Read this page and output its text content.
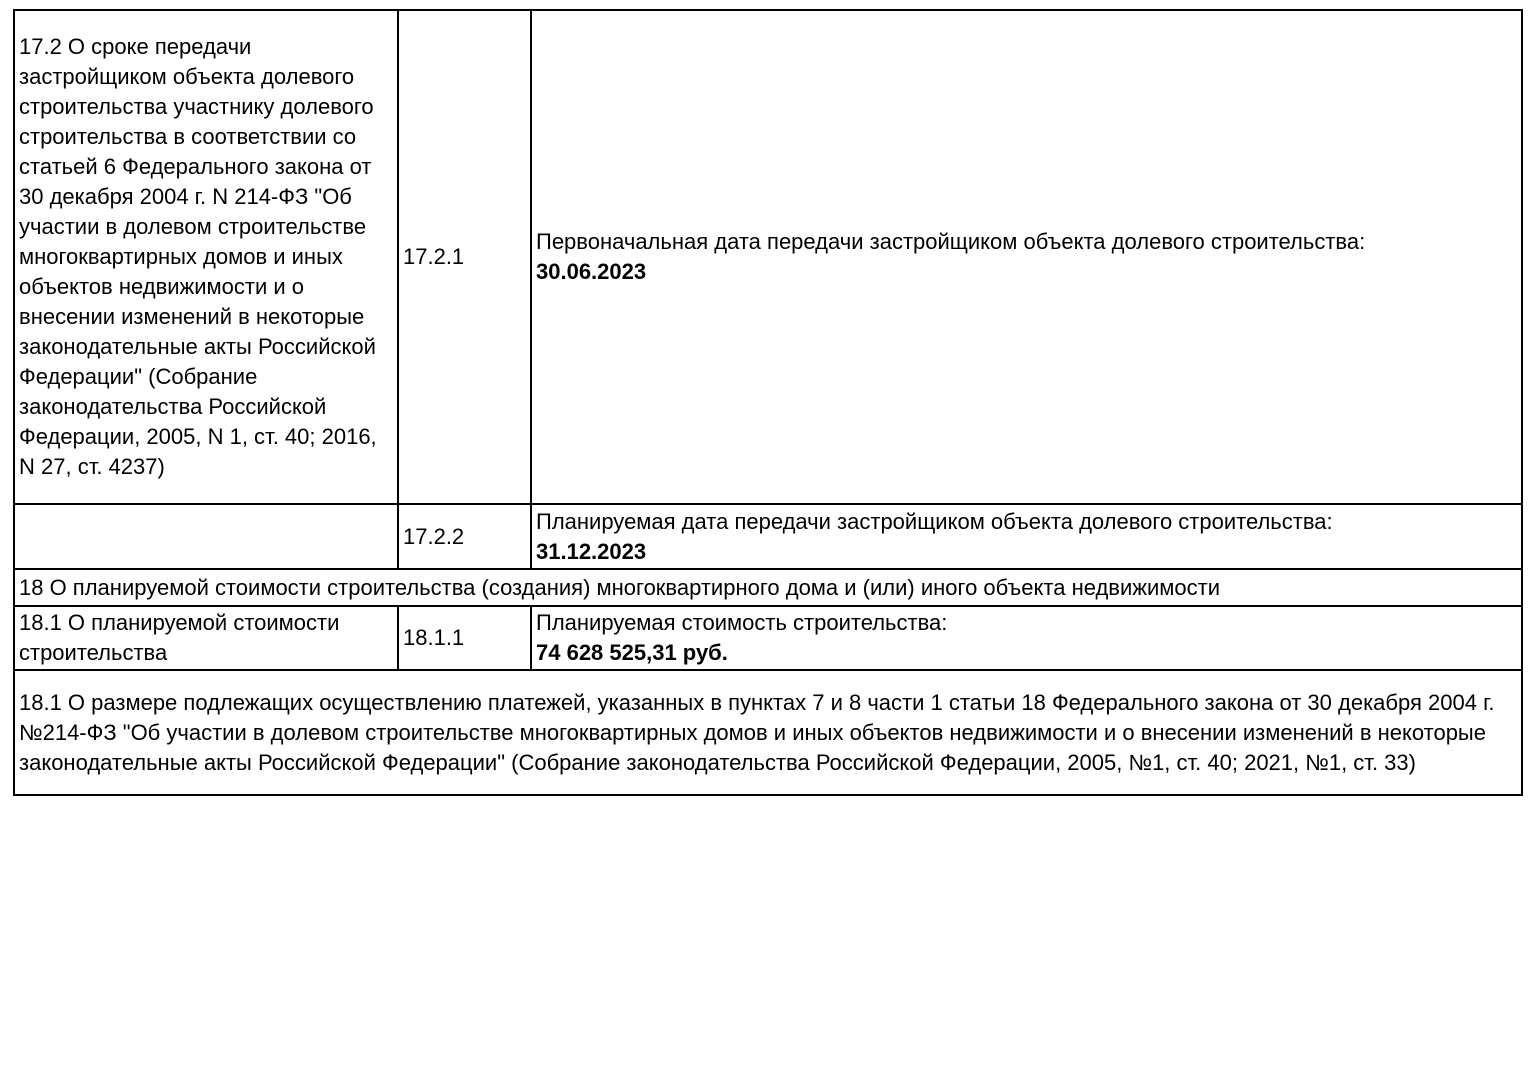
17.2 О сроке передачи застройщиком объекта долевого строительства участнику долевого строительства в соответствии со статьей 6 Федерального закона от 30 декабря 2004 г. N 214-ФЗ "Об участии в долевом строительстве многоквартирных домов и иных объектов недвижимости и о внесении изменений в некоторые законодательные акты Российской Федерации" (Собрание законодательства Российской Федерации, 2005, N 1, ст. 40; 2016, N 27, ст. 4237)	17.2.1	Первоначальная дата передачи застройщиком объекта долевого строительства:
30.06.2023

	17.2.2	Планируемая дата передачи застройщиком объекта долевого строительства:
31.12.2023

18 О планируемой стоимости строительства (создания) многоквартирного дома и (или) иного объекта недвижимости		
18.1 О планируемой стоимости строительства	18.1.1	Планируемая стоимость строительства:
74 628 525,31 руб.

18.1 О размере подлежащих осуществлению платежей, указанных в пунктах 7 и 8 части 1 статьи 18 Федерального закона от 30 декабря 2004 г. №214-ФЗ "Об участии в долевом строительстве многоквартирных домов и иных объектов недвижимости и о внесении изменений в некоторые законодательные акты Российской Федерации" (Собрание законодательства Российской Федерации, 2005, №1, ст. 40; 2021, №1, ст. 33)		
